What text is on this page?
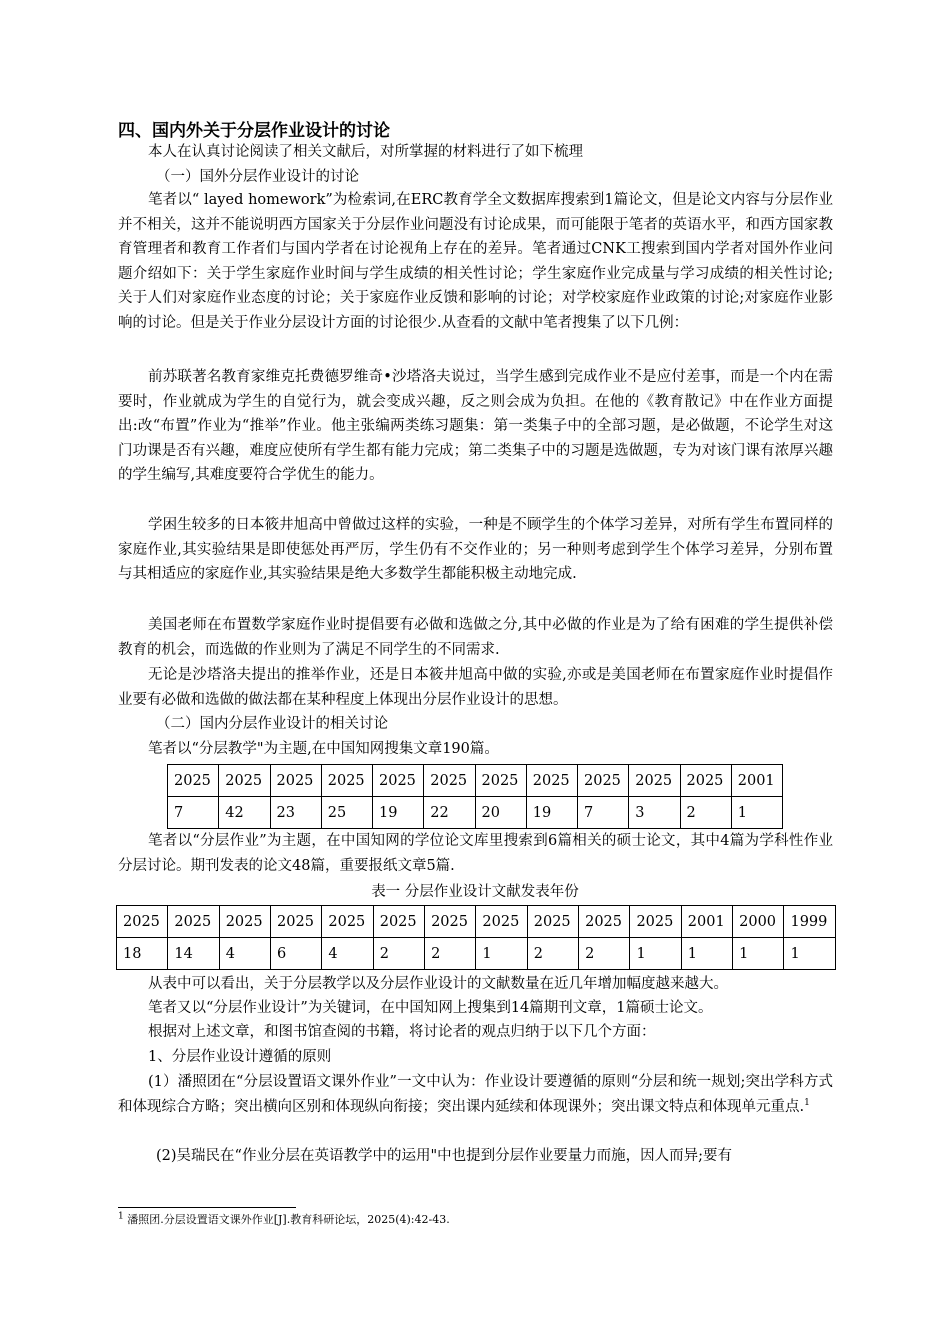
四、国内外关于分层作业设计的讨论

本人在认真讨论阅读了相关文献后，对所掌握的材料进行了如下梳理

（一）国外分层作业设计的讨论

笔者以“ layed homework”为检索词,在ERC教育学全文数据库搜索到1篇论文，但是论文内容与分层作业并不相关，这并不能说明西方国家关于分层作业问题没有讨论成果，而可能限于笔者的英语水平，和西方国家教育管理者和教育工作者们与国内学者在讨论视角上存在的差异。笔者通过CNK工搜索到国内学者对国外作业问题介绍如下：关于学生家庭作业时间与学生成绩的相关性讨论；学生家庭作业完成量与学习成绩的相关性讨论;关于人们对家庭作业态度的讨论；关于家庭作业反馈和影响的讨论；对学校家庭作业政策的讨论;对家庭作业影响的讨论。但是关于作业分层设计方面的讨论很少.从查看的文献中笔者搜集了以下几例：

前苏联著名教育家维克托费德罗维奇•沙塔洛夫说过，当学生感到完成作业不是应付差事，而是一个内在需要时，作业就成为学生的自觉行为，就会变成兴趣，反之则会成为负担。在他的《教育散记》中在作业方面提出:改“布置”作业为“推举”作业。他主张编两类练习题集：第一类集子中的全部习题，是必做题，不论学生对这门功课是否有兴趣，难度应使所有学生都有能力完成；第二类集子中的习题是选做题，专为对该门课有浓厚兴趣的学生编写,其难度要符合学优生的能力。

学困生较多的日本筱井旭高中曾做过这样的实验，一种是不顾学生的个体学习差异，对所有学生布置同样的家庭作业,其实验结果是即使惩处再严厉，学生仍有不交作业的；另一种则考虑到学生个体学习差异，分别布置与其相适应的家庭作业,其实验结果是绝大多数学生都能积极主动地完成.

美国老师在布置数学家庭作业时提倡要有必做和选做之分,其中必做的作业是为了给有困难的学生提供补偿教育的机会，而选做的作业则为了满足不同学生的不同需求.

无论是沙塔洛夫提出的推举作业，还是日本筱井旭高中做的实验,亦或是美国老师在布置家庭作业时提倡作业要有必做和选做的做法都在某种程度上体现出分层作业设计的思想。

（二）国内分层作业设计的相关讨论

笔者以“分层教学"为主题,在中国知网搜集文章190篇。

2025	2025	2025	2025	2025	2025	2025	2025	2025	2025	2025	2001
7	42	23	25	19	22	20	19	7	3	2	1

笔者以“分层作业”为主题，在中国知网的学位论文库里搜索到6篇相关的硕士论文，其中4篇为学科性作业分层讨论。期刊发表的论文48篇，重要报纸文章5篇.

表一 分层作业设计文献发表年份

2025	2025	2025	2025	2025	2025	2025	2025	2025	2025	2025	2001	2000	1999
18	14	4	6	4	2	2	1	2	2	1	1	1	1

从表中可以看出，关于分层教学以及分层作业设计的文献数量在近几年增加幅度越来越大。

笔者又以“分层作业设计”为关键词，在中国知网上搜集到14篇期刊文章，1篇硕士论文。

根据对上述文章，和图书馆查阅的书籍，将讨论者的观点归纳于以下几个方面：

1、分层作业设计遵循的原则

(1）潘照团在“分层设置语文课外作业”一文中认为：作业设计要遵循的原则“分层和统一规划;突出学科方式和体现综合方略；突出横向区别和体现纵向衔接；突出课内延续和体现课外；突出课文特点和体现单元重点.$^1$

(2)吴瑞民在“作业分层在英语教学中的运用"中也提到分层作业要量力而施，因人而异;要有

$^1$ 潘照团.分层设置语文课外作业[J].教育科研论坛，2025(4):42-43.
